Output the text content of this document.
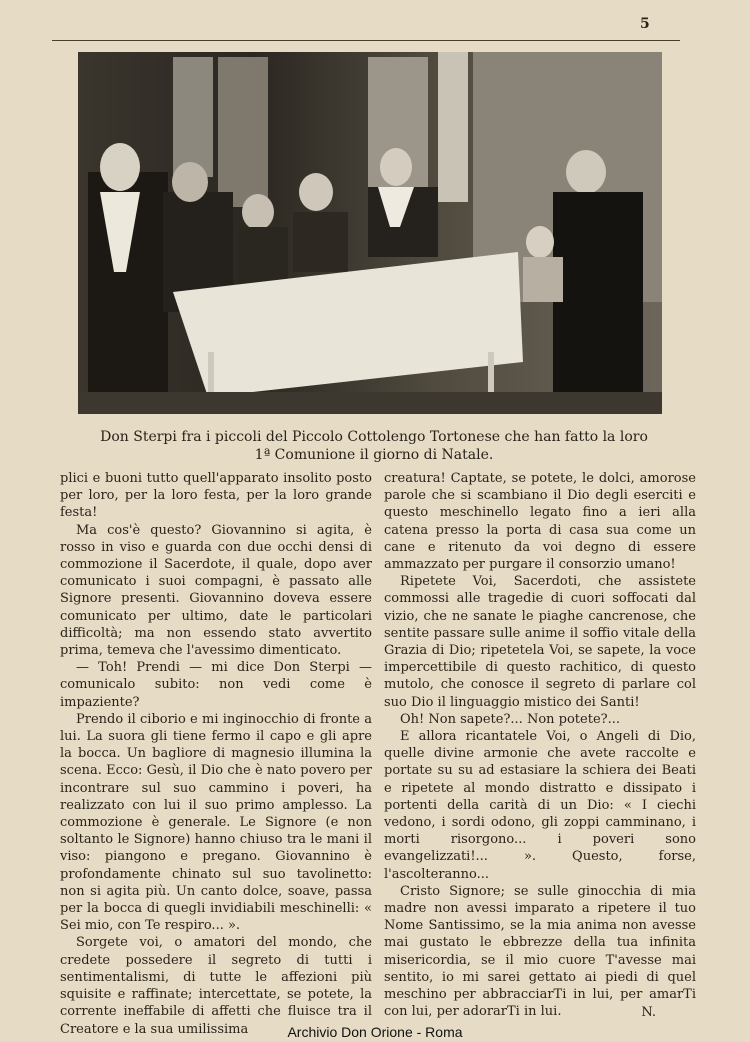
5
Don Sterpi fra i piccoli del Piccolo Cottolengo Tortonese che han fatto la loro 1ª Comunione il giorno di Natale.

plici e buoni tutto quell'apparato insolito posto per loro, per la loro festa, per la loro grande festa!

Ma cos'è questo? Giovannino si agita, è rosso in viso e guarda con due occhi densi di commozione il Sacerdote, il quale, dopo aver comunicato i suoi compagni, è passato alle Signore presenti. Giovannino doveva essere comunicato per ultimo, date le particolari difficoltà; ma non essendo stato avvertito prima, temeva che l'avessimo dimenticato.

— Toh! Prendi — mi dice Don Sterpi — comunicalo subito: non vedi come è impaziente?

Prendo il ciborio e mi inginocchio di fronte a lui. La suora gli tiene fermo il capo e gli apre la bocca. Un bagliore di magnesio illumina la scena. Ecco: Gesù, il Dio che è nato povero per incontrare sul suo cammino i poveri, ha realizzato con lui il suo primo amplesso. La commozione è generale. Le Signore (e non soltanto le Signore) hanno chiuso tra le mani il viso: piangono e pregano. Giovannino è profondamente chinato sul suo tavolinetto: non si agita più. Un canto dolce, soave, passa per la bocca di quegli invidiabili meschinelli: « Sei mio, con Te respiro... ».

Sorgete voi, o amatori del mondo, che credete possedere il segreto di tutti i sentimentalismi, di tutte le affezioni più squisite e raffinate; intercettate, se potete, la corrente ineffabile di affetti che fluisce tra il Creatore e la sua umilissima

creatura! Captate, se potete, le dolci, amorose parole che si scambiano il Dio degli eserciti e questo meschinello legato fino a ieri alla catena presso la porta di casa sua come un cane e ritenuto da voi degno di essere ammazzato per purgare il consorzio umano!

Ripetete Voi, Sacerdoti, che assistete commossi alle tragedie di cuori soffocati dal vizio, che ne sanate le piaghe cancrenose, che sentite passare sulle anime il soffio vitale della Grazia di Dio; ripetetela Voi, se sapete, la voce impercettibile di questo rachitico, di questo mutolo, che conosce il segreto di parlare col suo Dio il linguaggio mistico dei Santi!

Oh! Non sapete?... Non potete?...

E allora ricantatele Voi, o Angeli di Dio, quelle divine armonie che avete raccolte e portate su su ad estasiare la schiera dei Beati e ripetete al mondo distratto e dissipato i portenti della carità di un Dio: « I ciechi vedono, i sordi odono, gli zoppi camminano, i morti risorgono... i poveri sono evangelizzati!... ». Questo, forse, l'ascolteranno...

Cristo Signore; se sulle ginocchia di mia madre non avessi imparato a ripetere il tuo Nome Santissimo, se la mia anima non avesse mai gustato le ebbrezze della tua infinita misericordia, se il mio cuore T'avesse mai sentito, io mi sarei gettato ai piedi di quel meschino per abbracciarTi in lui, per amarTi con lui, per adorarTi in lui.	N.
Archivio Don Orione - Roma
